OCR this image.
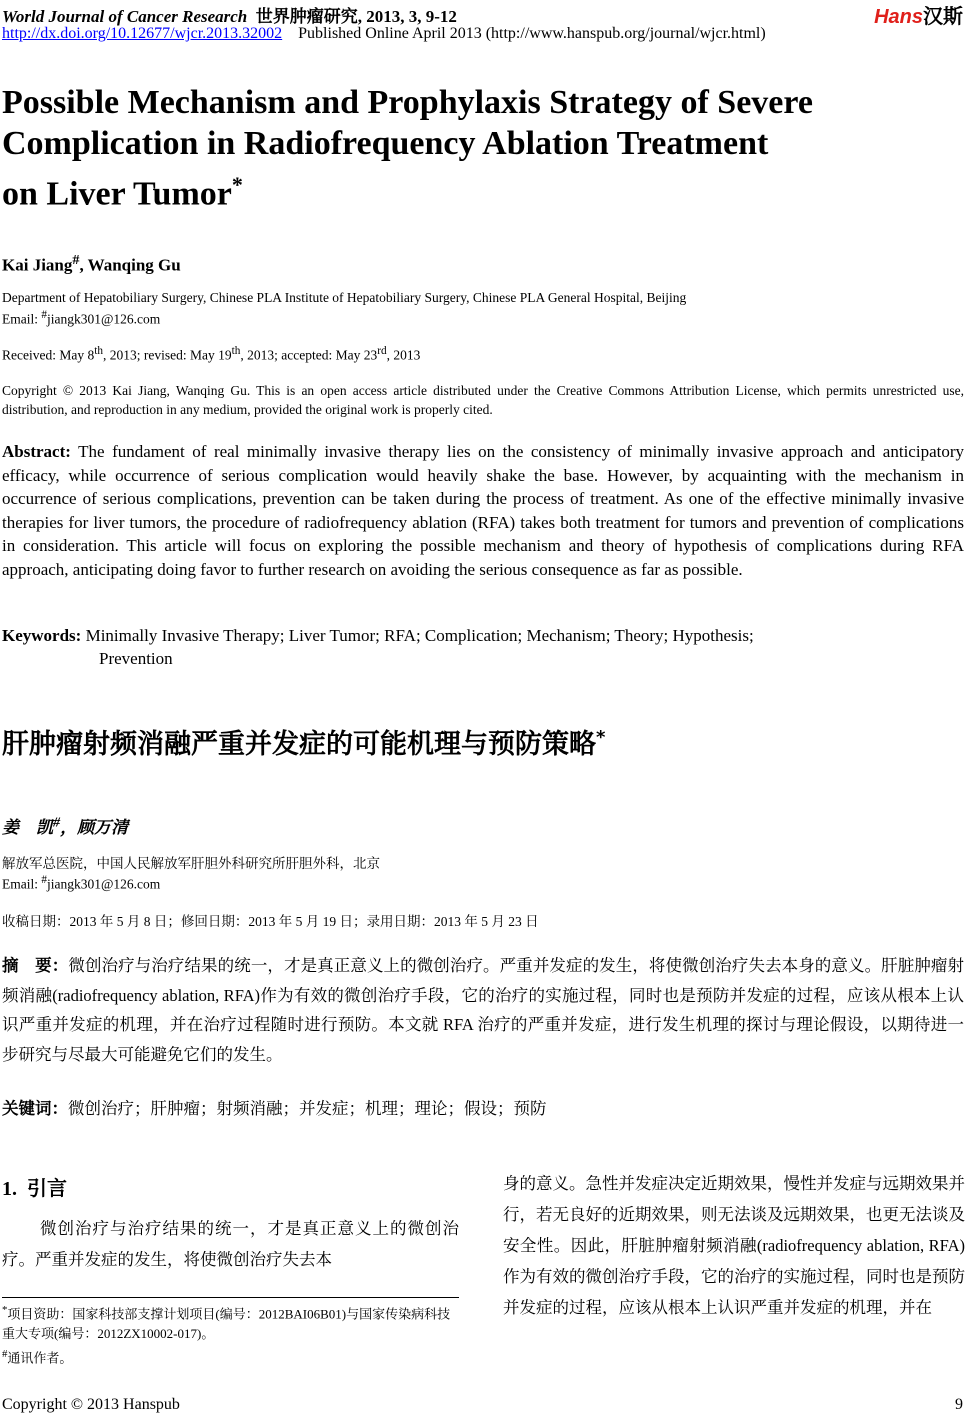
World Journal of Cancer Research 世界肿瘤研究, 2013, 3, 9-12
http://dx.doi.org/10.12677/wjcr.2013.32002 Published Online April 2013 (http://www.hanspub.org/journal/wjcr.html)
Hans汉斯
Possible Mechanism and Prophylaxis Strategy of Severe
Complication in Radiofrequency Ablation Treatment
on Liver Tumor*
Kai Jiang#, Wanqing Gu
Department of Hepatobiliary Surgery, Chinese PLA Institute of Hepatobiliary Surgery, Chinese PLA General Hospital, Beijing
Email: #jiangk301@126.com
Received: May 8th, 2013; revised: May 19th, 2013; accepted: May 23rd, 2013
Copyright © 2013 Kai Jiang, Wanqing Gu. This is an open access article distributed under the Creative Commons Attribution License, which permits unrestricted use, distribution, and reproduction in any medium, provided the original work is properly cited.
Abstract: The fundament of real minimally invasive therapy lies on the consistency of minimally invasive approach and anticipatory efficacy, while occurrence of serious complication would heavily shake the base. However, by acquainting with the mechanism in occurrence of serious complications, prevention can be taken during the process of treatment. As one of the effective minimally invasive therapies for liver tumors, the procedure of radiofrequency ablation (RFA) takes both treatment for tumors and prevention of complications in consideration. This article will focus on exploring the possible mechanism and theory of hypothesis of complications during RFA approach, anticipating doing favor to further research on avoiding the serious consequence as far as possible.
Keywords: Minimally Invasive Therapy; Liver Tumor; RFA; Complication; Mechanism; Theory; Hypothesis;
Prevention
肝肿瘤射频消融严重并发症的可能机理与预防策略*
姜　凯#，顾万清
解放军总医院，中国人民解放军肝胆外科研究所肝胆外科，北京
Email: #jiangk301@126.com
收稿日期：2013 年 5 月 8 日；修回日期：2013 年 5 月 19 日；录用日期：2013 年 5 月 23 日
摘　要：微创治疗与治疗结果的统一，才是真正意义上的微创治疗。严重并发症的发生，将使微创治疗失去本身的意义。肝脏肿瘤射频消融(radiofrequency ablation, RFA)作为有效的微创治疗手段，它的治疗的实施过程，同时也是预防并发症的过程，应该从根本上认识严重并发症的机理，并在治疗过程随时进行预防。本文就 RFA 治疗的严重并发症，进行发生机理的探讨与理论假设，以期待进一步研究与尽最大可能避免它们的发生。
关键词：微创治疗；肝肿瘤；射频消融；并发症；机理；理论；假设；预防
1. 引言
微创治疗与治疗结果的统一，才是真正意义上的微创治疗。严重并发症的发生，将使微创治疗失去本
身的意义。急性并发症决定近期效果，慢性并发症与远期效果并行，若无良好的近期效果，则无法谈及远期效果，也更无法谈及安全性。因此，肝脏肿瘤射频消融(radiofrequency ablation, RFA)作为有效的微创治疗手段，它的治疗的实施过程，同时也是预防并发症的过程，应该从根本上认识严重并发症的机理，并在
*项目资助：国家科技部支撑计划项目(编号：2012BAI06B01)与国家传染病科技重大专项(编号：2012ZX10002-017)。
#通讯作者。
Copyright © 2013 Hanspub	9
